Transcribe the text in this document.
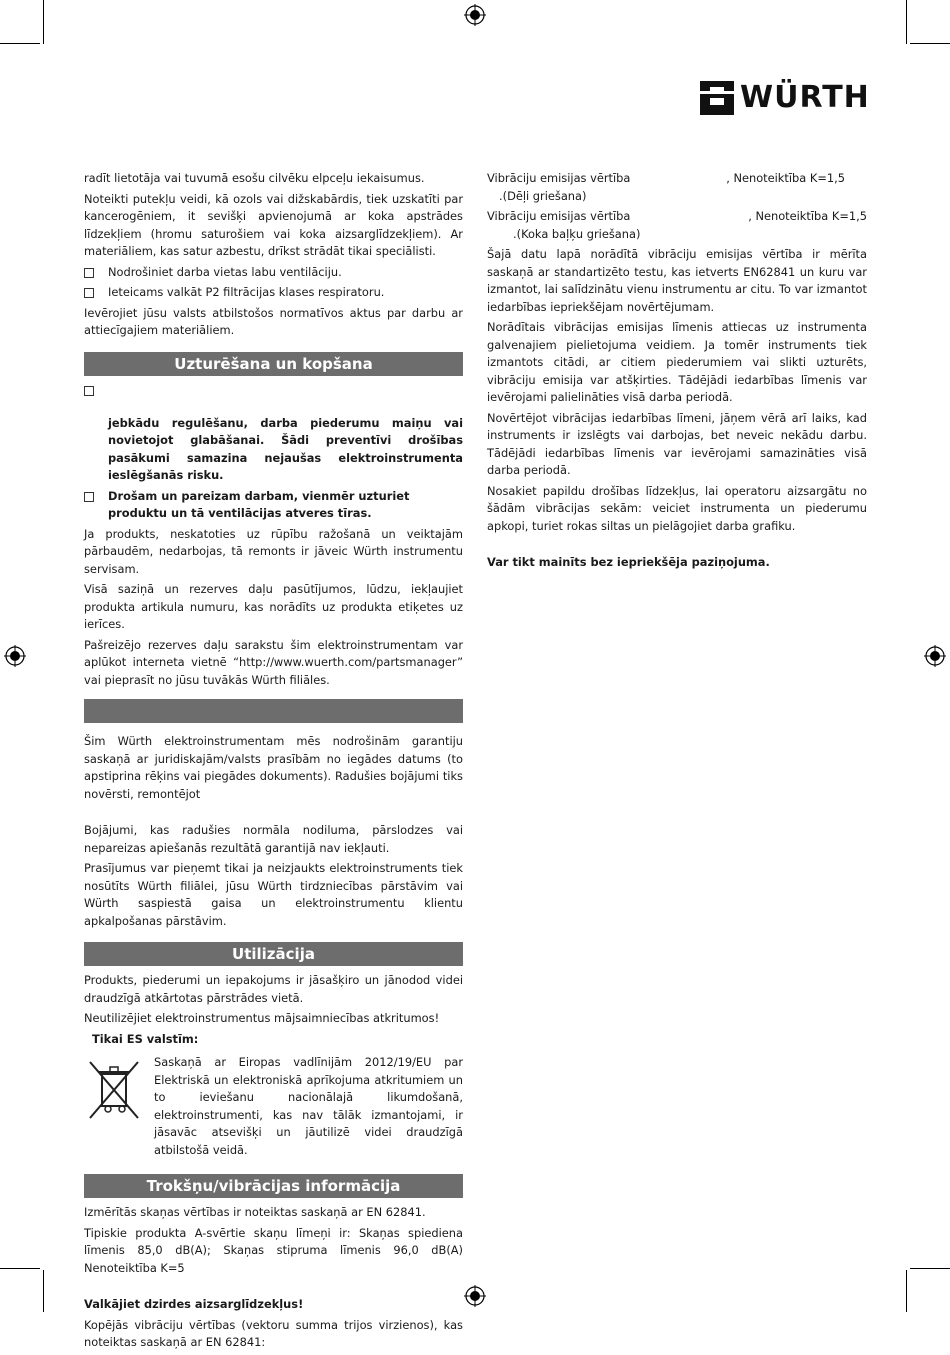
WÜRTH

radīt lietotāja vai tuvumā esošu cilvēku elpceļu iekaisumus.

Noteikti putekļu veidi, kā ozols vai dižskabārdis, tiek uzskatīti par kancerogēniem, it sevišķi apvienojumā ar koka apstrādes līdzekļiem (hromu saturošiem vai koka aizsarglīdzekļiem). Ar materiāliem, kas satur azbestu, drīkst strādāt tikai speciālisti.

Nodrošiniet darba vietas labu ventilāciju.
Ieteicams valkāt P2 filtrācijas klases respiratoru.

Ievērojiet jūsu valsts atbilstošos normatīvos aktus par darbu ar attiecīgajiem materiāliem.

Uzturēšana un kopšana

jebkādu regulēšanu, darba piederumu maiņu vai novietojot glabāšanai. Šādi preventīvi drošības pasākumi samazina nejaušas elektroinstrumenta ieslēgšanās risku.

Drošam un pareizam darbam, vienmēr uzturiet produktu un tā ventilācijas atveres tīras.

Ja produkts, neskatoties uz rūpību ražošanā un veiktajām pārbaudēm, nedarbojas, tā remonts ir jāveic Würth instrumentu servisam.

Visā saziņā un rezerves daļu pasūtījumos, lūdzu, iekļaujiet produkta artikula numuru, kas norādīts uz produkta etiķetes uz ierīces.

Pašreizējo rezerves daļu sarakstu šim elektroinstrumentam var aplūkot interneta vietnē “http://www.wuerth.com/partsmanager” vai pieprasīt no jūsu tuvākās Würth filiāles.

Šim Würth elektroinstrumentam mēs nodrošinām garantiju saskaņā ar juridiskajām/valsts prasībām no iegādes datums (to apstiprina rēķins vai piegādes dokuments). Radušies bojājumi tiks novērsti, remontējot

Bojājumi, kas radušies normāla nodiluma, pārslodzes vai nepareizas apiešanās rezultātā garantijā nav iekļauti.

Prasījumus var pieņemt tikai ja neizjaukts elektroinstruments tiek nosūtīts Würth filiālei, jūsu Würth tirdzniecības pārstāvim vai Würth saspiestā gaisa un elektroinstrumentu klientu apkalpošanas pārstāvim.

Utilizācija

Produkts, piederumi un iepakojums ir jāsašķiro un jānodod videi draudzīgā atkārtotas pārstrādes vietā.

Neutilizējiet elektroinstrumentus mājsaimniecības atkritumos!

Tikai ES valstīm:

Saskaņā ar Eiropas vadlīnijām 2012/19/EU par Elektriskā un elektroniskā aprīkojuma atkritumiem un to ieviešanu nacionālajā likumdošanā, elektroinstrumenti, kas nav tālāk izmantojami, ir jāsavāc atsevišķi un jāutilizē videi draudzīgā atbilstošā veidā.

Trokšņu/vibrācijas informācija

Izmērītās skaņas vērtības ir noteiktas saskaņā ar EN 62841.

Tipiskie produkta A-svērtie skaņu līmeņi ir: Skaņas spiediena līmenis 85,0 dB(A); Skaņas stipruma līmenis 96,0 dB(A) Nenoteiktība K=5

Valkājiet dzirdes aizsarglīdzekļus!

Kopējās vibrāciju vērtības (vektoru summa trijos virzienos), kas noteiktas saskaņā ar EN 62841:

Vibrāciju emisijas vērtība	, Nenoteiktība K=1,5

.(Dēļi griešana)

Vibrāciju emisijas vērtība	, Nenoteiktība K=1,5

.(Koka baļķu griešana)

Šajā datu lapā norādītā vibrāciju emisijas vērtība ir mērīta saskaņā ar standartizēto testu, kas ietverts EN62841 un kuru var izmantot, lai salīdzinātu vienu instrumentu ar citu. To var izmantot iedarbības iepriekšējam novērtējumam.

Norādītais vibrācijas emisijas līmenis attiecas uz instrumenta galvenajiem pielietojuma veidiem. Ja tomēr instruments tiek izmantots citādi, ar citiem piederumiem vai slikti uzturēts, vibrāciju emisija var atšķirties. Tādējādi iedarbības līmenis var ievērojami palielināties visā darba periodā.

Novērtējot vibrācijas iedarbības līmeni, jāņem vērā arī laiks, kad instruments ir izslēgts vai darbojas, bet neveic nekādu darbu. Tādējādi iedarbības līmenis var ievērojami samazināties visā darba periodā.

Nosakiet papildu drošības līdzekļus, lai operatoru aizsargātu no šādām vibrācijas sekām: veiciet instrumenta un piederumu apkopi, turiet rokas siltas un pielāgojiet darba grafiku.

Var tikt mainīts bez iepriekšēja paziņojuma.
